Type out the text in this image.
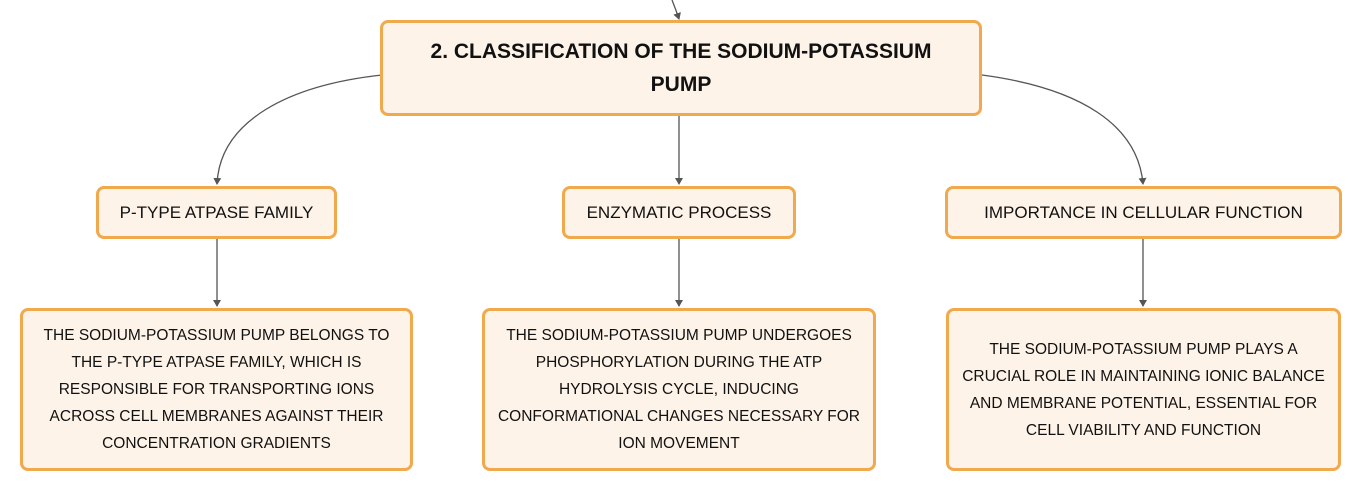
2. CLASSIFICATION OF THE SODIUM-POTASSIUM PUMP
P-TYPE ATPASE FAMILY	ENZYMATIC PROCESS	IMPORTANCE IN CELLULAR FUNCTION
THE SODIUM-POTASSIUM PUMP BELONGS TO THE P-TYPE ATPASE FAMILY, WHICH IS RESPONSIBLE FOR TRANSPORTING IONS ACROSS CELL MEMBRANES AGAINST THEIR CONCENTRATION GRADIENTS
THE SODIUM-POTASSIUM PUMP UNDERGOES PHOSPHORYLATION DURING THE ATP HYDROLYSIS CYCLE, INDUCING CONFORMATIONAL CHANGES NECESSARY FOR ION MOVEMENT
THE SODIUM-POTASSIUM PUMP PLAYS A CRUCIAL ROLE IN MAINTAINING IONIC BALANCE AND MEMBRANE POTENTIAL, ESSENTIAL FOR CELL VIABILITY AND FUNCTION
